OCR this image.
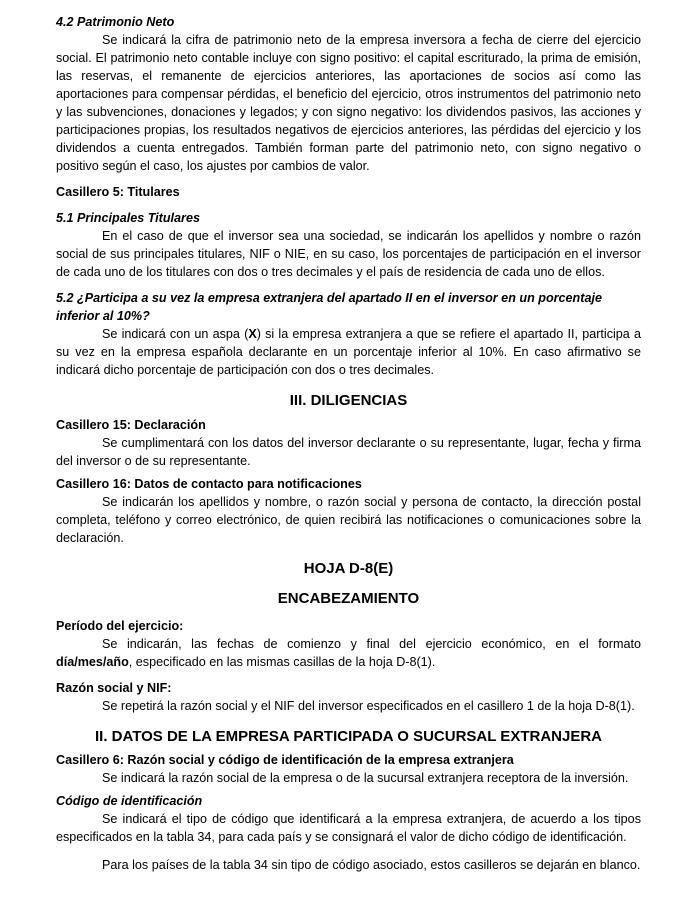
4.2 Patrimonio Neto

Se indicará la cifra de patrimonio neto de la empresa inversora a fecha de cierre del ejercicio social. El patrimonio neto contable incluye con signo positivo: el capital escriturado, la prima de emisión, las reservas, el remanente de ejercicios anteriores, las aportaciones de socios así como las aportaciones para compensar pérdidas, el beneficio del ejercicio, otros instrumentos del patrimonio neto y las subvenciones, donaciones y legados; y con signo negativo: los dividendos pasivos, las acciones y participaciones propias, los resultados negativos de ejercicios anteriores, las pérdidas del ejercicio y los dividendos a cuenta entregados. También forman parte del patrimonio neto, con signo negativo o positivo según el caso, los ajustes por cambios de valor.

Casillero 5: Titulares

5.1 Principales Titulares

En el caso de que el inversor sea una sociedad, se indicarán los apellidos y nombre o razón social de sus principales titulares, NIF o NIE, en su caso, los porcentajes de participación en el inversor de cada uno de los titulares con dos o tres decimales y el país de residencia de cada uno de ellos.

5.2 ¿Participa a su vez la empresa extranjera del apartado II en el inversor en un porcentaje inferior al 10%?

Se indicará con un aspa (X) si la empresa extranjera a que se refiere el apartado II, participa a su vez en la empresa española declarante en un porcentaje inferior al 10%. En caso afirmativo se indicará dicho porcentaje de participación con dos o tres decimales.

III. DILIGENCIAS

Casillero 15: Declaración

Se cumplimentará con los datos del inversor declarante o su representante, lugar, fecha y firma del inversor o de su representante.

Casillero 16: Datos de contacto para notificaciones

Se indicarán los apellidos y nombre, o razón social y persona de contacto, la dirección postal completa, teléfono y correo electrónico, de quien recibirá las notificaciones o comunicaciones sobre la declaración.

HOJA D-8(E)

ENCABEZAMIENTO

Período del ejercicio:

Se indicarán, las fechas de comienzo y final del ejercicio económico, en el formato día/mes/año, especificado en las mismas casillas de la hoja D-8(1).

Razón social y NIF:

Se repetirá la razón social y el NIF del inversor especificados en el casillero 1 de la hoja D-8(1).

II. DATOS DE LA EMPRESA PARTICIPADA O SUCURSAL EXTRANJERA

Casillero 6: Razón social y código de identificación de la empresa extranjera

Se indicará la razón social de la empresa o de la sucursal extranjera receptora de la inversión.

Código de identificación

Se indicará el tipo de código que identificará a la empresa extranjera, de acuerdo a los tipos especificados en la tabla 34, para cada país y se consignará el valor de dicho código de identificación.

Para los países de la tabla 34 sin tipo de código asociado, estos casilleros se dejarán en blanco.
